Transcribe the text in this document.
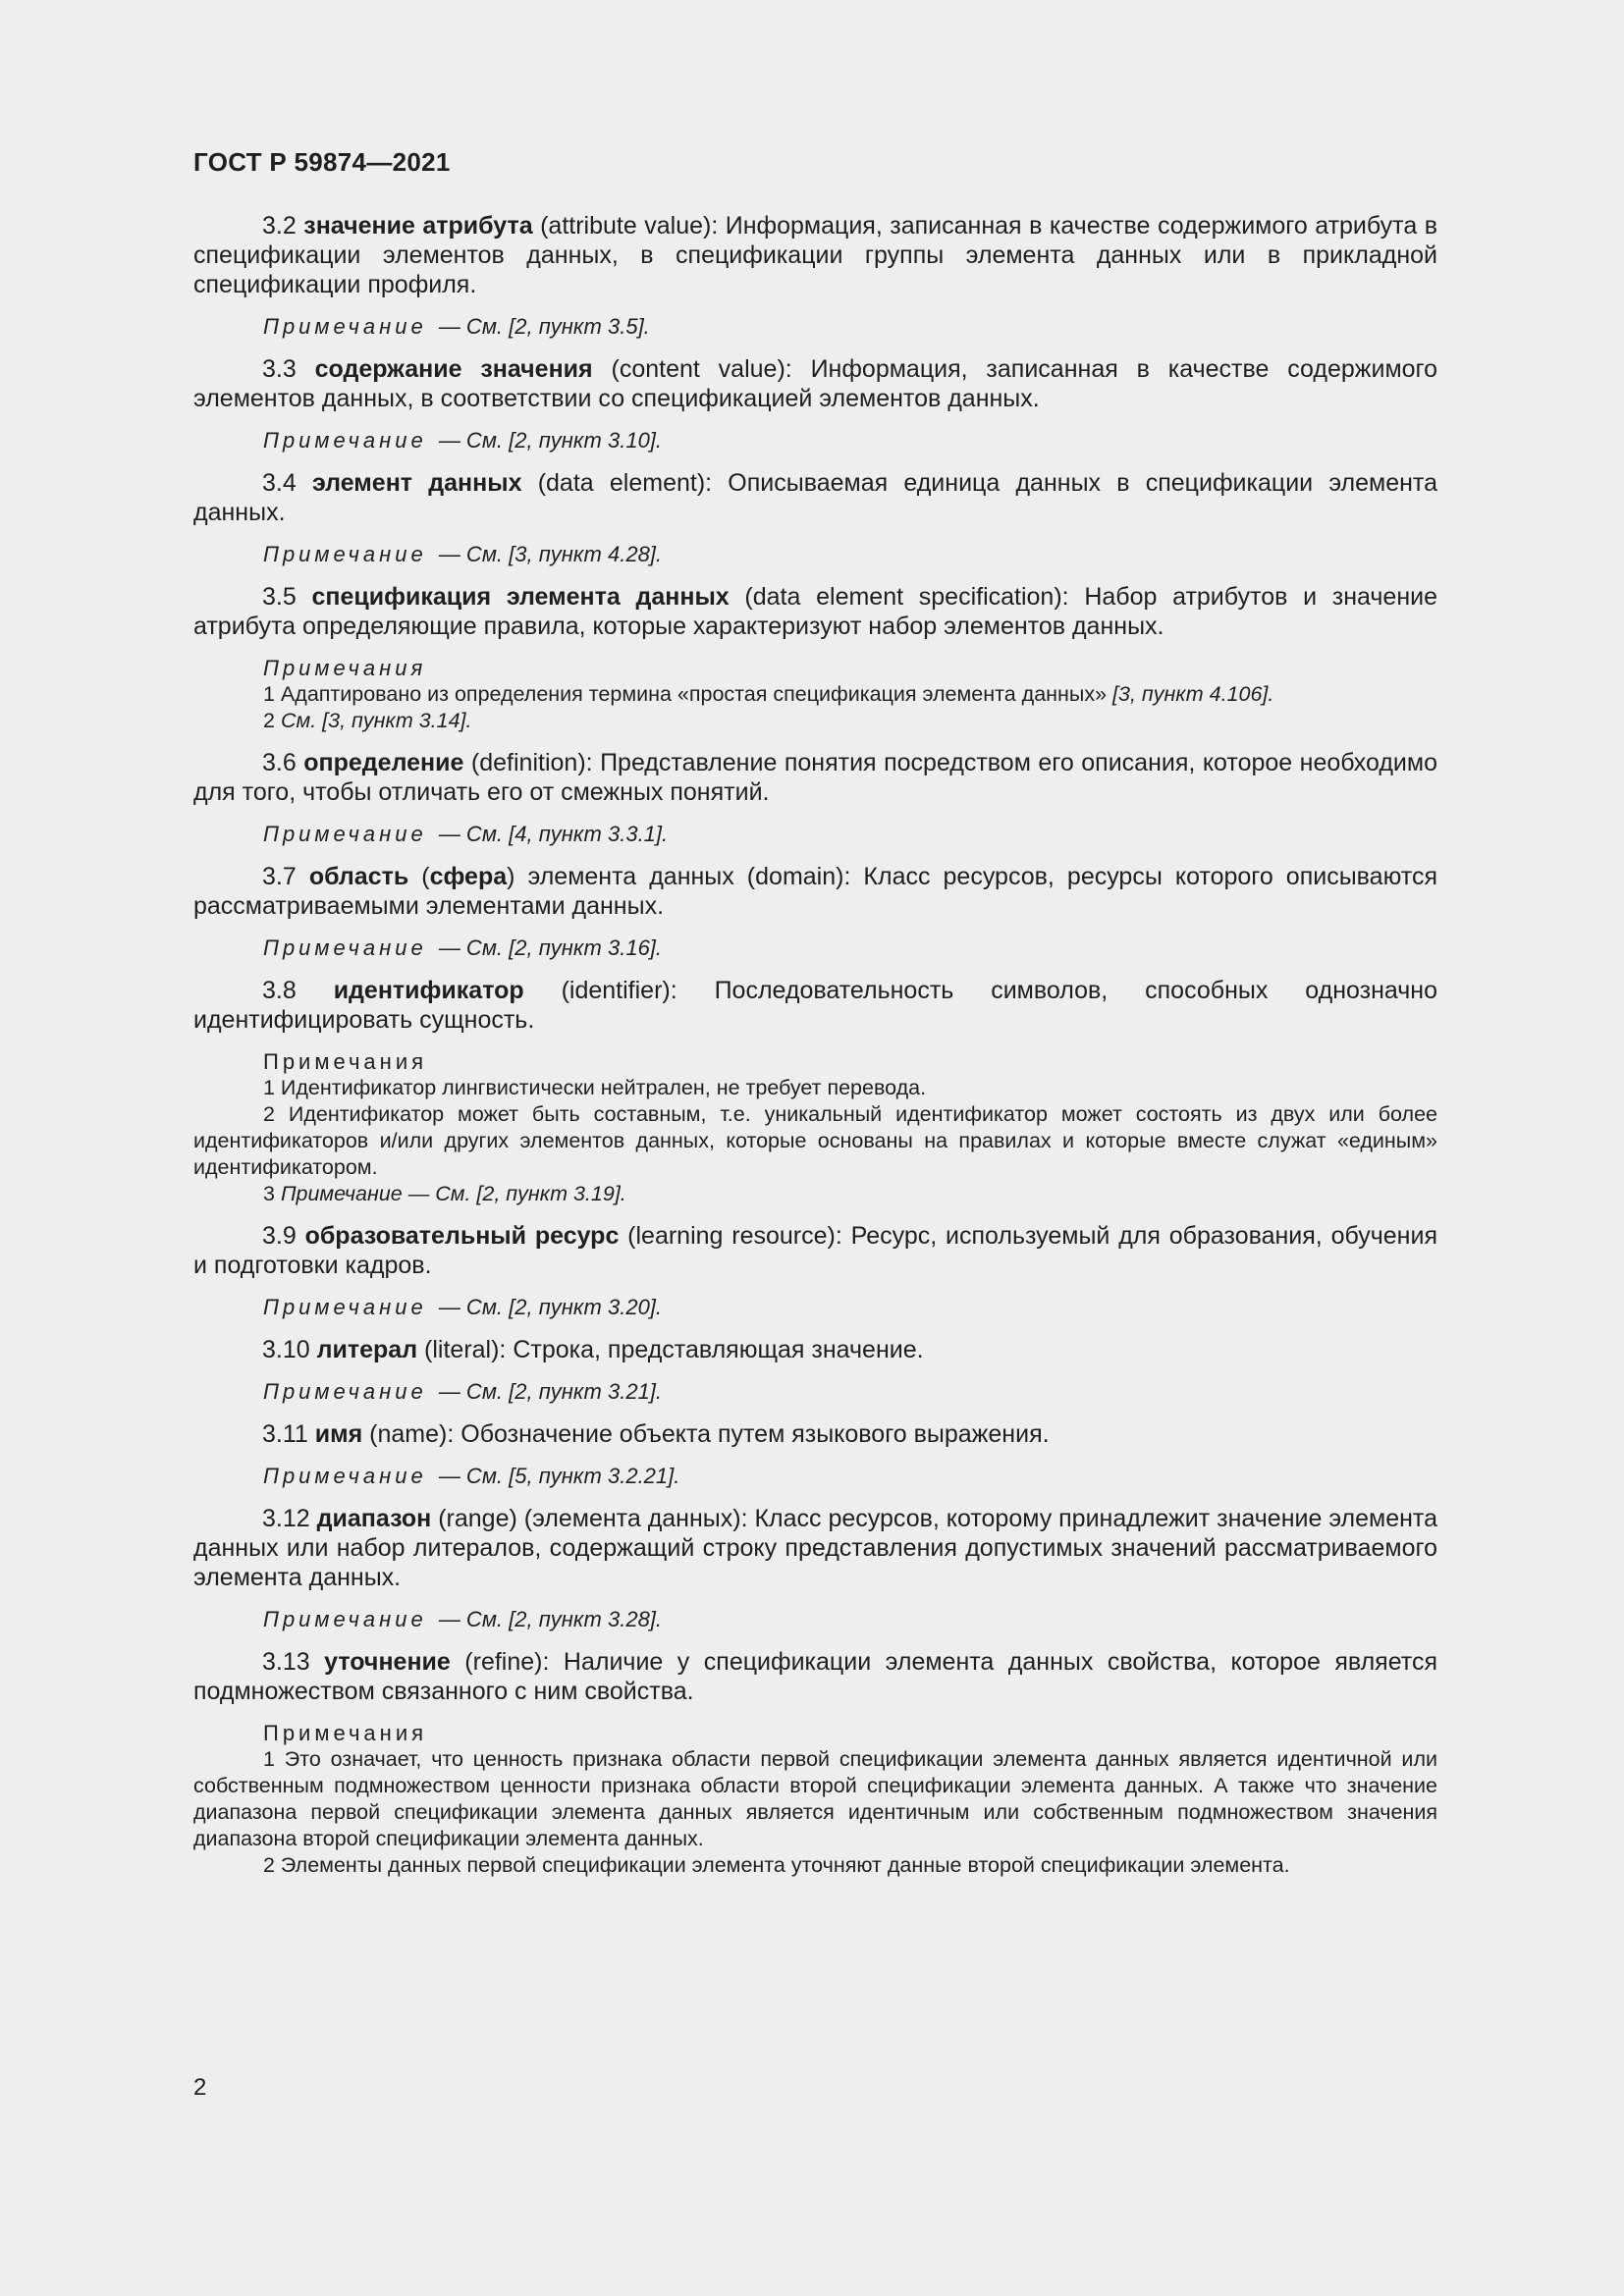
ГОСТ Р 59874—2021

3.2 значение атрибута (attribute value): Информация, записанная в качестве содержимого атрибута в спецификации элементов данных, в спецификации группы элемента данных или в прикладной спецификации профиля.

Примечание — См. [2, пункт 3.5].

3.3 содержание значения (content value): Информация, записанная в качестве содержимого элементов данных, в соответствии со спецификацией элементов данных.

Примечание — См. [2, пункт 3.10].

3.4 элемент данных (data element): Описываемая единица данных в спецификации элемента данных.

Примечание — См. [3, пункт 4.28].

3.5 спецификация элемента данных (data element specification): Набор атрибутов и значение атрибута определяющие правила, которые характеризуют набор элементов данных.

Примечания
1 Адаптировано из определения термина «простая спецификация элемента данных» [3, пункт 4.106].
2 См. [3, пункт 3.14].

3.6 определение (definition): Представление понятия посредством его описания, которое необходимо для того, чтобы отличать его от смежных понятий.

Примечание — См. [4, пункт 3.3.1].

3.7 область (сфера) элемента данных (domain): Класс ресурсов, ресурсы которого описываются рассматриваемыми элементами данных.

Примечание — См. [2, пункт 3.16].

3.8 идентификатор (identifier): Последовательность символов, способных однозначно идентифицировать сущность.

Примечания
1 Идентификатор лингвистически нейтрален, не требует перевода.
2 Идентификатор может быть составным, т.е. уникальный идентификатор может состоять из двух или более идентификаторов и/или других элементов данных, которые основаны на правилах и которые вместе служат «единым» идентификатором.
3 Примечание — См. [2, пункт 3.19].

3.9 образовательный ресурс (learning resource): Ресурс, используемый для образования, обучения и подготовки кадров.

Примечание — См. [2, пункт 3.20].

3.10 литерал (literal): Строка, представляющая значение.

Примечание — См. [2, пункт 3.21].

3.11 имя (name): Обозначение объекта путем языкового выражения.

Примечание — См. [5, пункт 3.2.21].

3.12 диапазон (range) (элемента данных): Класс ресурсов, которому принадлежит значение элемента данных или набор литералов, содержащий строку представления допустимых значений рассматриваемого элемента данных.

Примечание — См. [2, пункт 3.28].

3.13 уточнение (refine): Наличие у спецификации элемента данных свойства, которое является подмножеством связанного с ним свойства.

Примечания
1 Это означает, что ценность признака области первой спецификации элемента данных является идентичной или собственным подмножеством ценности признака области второй спецификации элемента данных. А также что значение диапазона первой спецификации элемента данных является идентичным или собственным подмножеством значения диапазона второй спецификации элемента данных.
2 Элементы данных первой спецификации элемента уточняют данные второй спецификации элемента.
2
